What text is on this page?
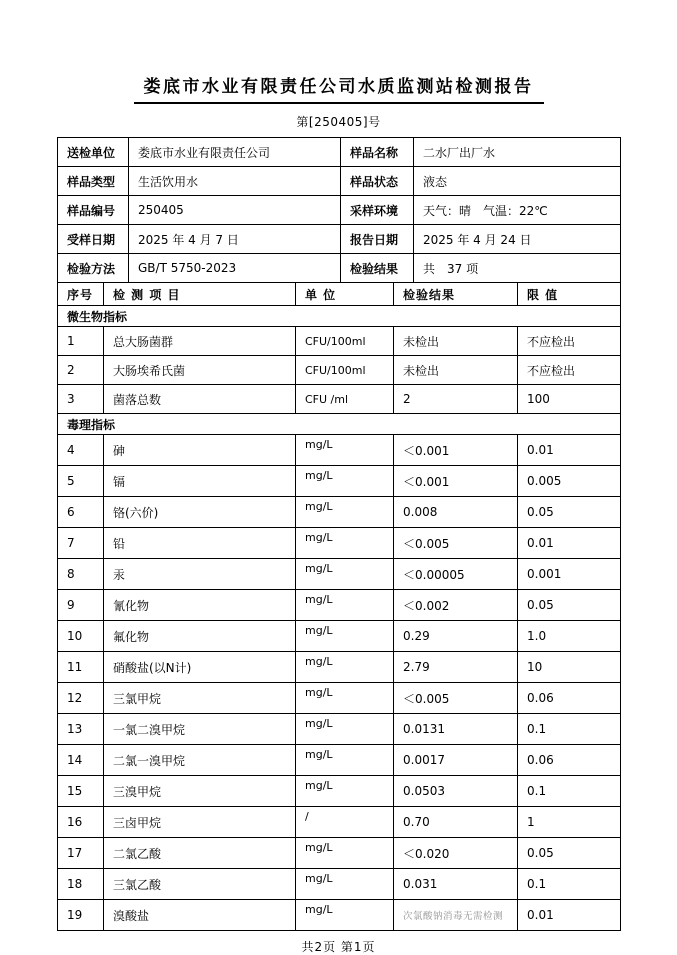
娄底市水业有限责任公司水质监测站检测报告
第[250405]号
送检单位	娄底市水业有限责任公司	样品名称	二水厂出厂水
样品类型	生活饮用水	样品状态	液态
样品编号	250405	采样环境	天气：晴　气温：22℃
受样日期	2025 年 4 月 7 日	报告日期	2025 年 4 月 24 日
检验方法	GB/T 5750-2023	检验结果	共　37 项
序号	检 测 项 目	单 位	检验结果	限 值
微生物指标				
1	总大肠菌群	CFU/100ml	未检出	不应检出
2	大肠埃希氏菌	CFU/100ml	未检出	不应检出
3	菌落总数	CFU /ml	2	100
毒理指标				
4	砷	mg/L	＜0.001	0.01
5	镉	mg/L	＜0.001	0.005
6	铬(六价)	mg/L	0.008	0.05
7	铅	mg/L	＜0.005	0.01
8	汞	mg/L	＜0.00005	0.001
9	氰化物	mg/L	＜0.002	0.05
10	氟化物	mg/L	0.29	1.0
11	硝酸盐(以N计)	mg/L	2.79	10
12	三氯甲烷	mg/L	＜0.005	0.06
13	一氯二溴甲烷	mg/L	0.0131	0.1
14	二氯一溴甲烷	mg/L	0.0017	0.06
15	三溴甲烷	mg/L	0.0503	0.1
16	三卤甲烷	/	0.70	1
17	二氯乙酸	mg/L	＜0.020	0.05
18	三氯乙酸	mg/L	0.031	0.1
19	溴酸盐	mg/L	次氯酸钠消毒无需检测	0.01
共2页 第1页
